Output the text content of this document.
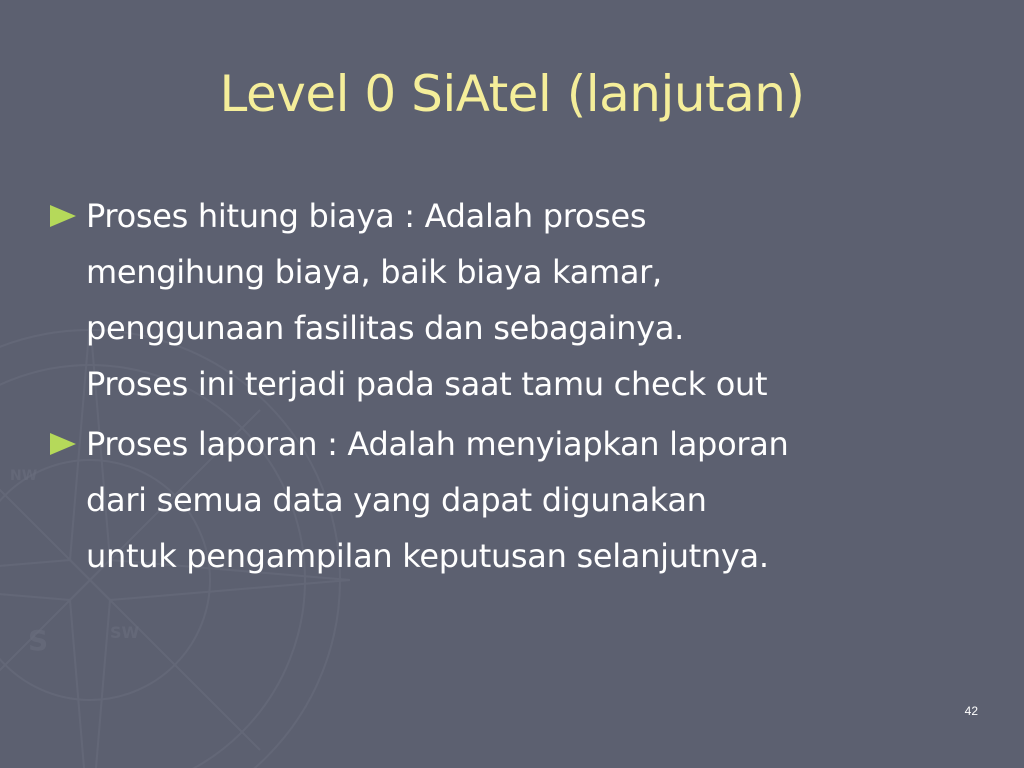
S	SW
NW
Level 0 SiAtel (lanjutan)
Proses hitung biaya : Adalah proses
mengihung biaya, baik biaya kamar,
penggunaan fasilitas dan sebagainya.
Proses ini terjadi pada saat tamu check out
Proses laporan : Adalah menyiapkan laporan
dari semua data yang dapat digunakan
untuk pengampilan keputusan selanjutnya.
42
